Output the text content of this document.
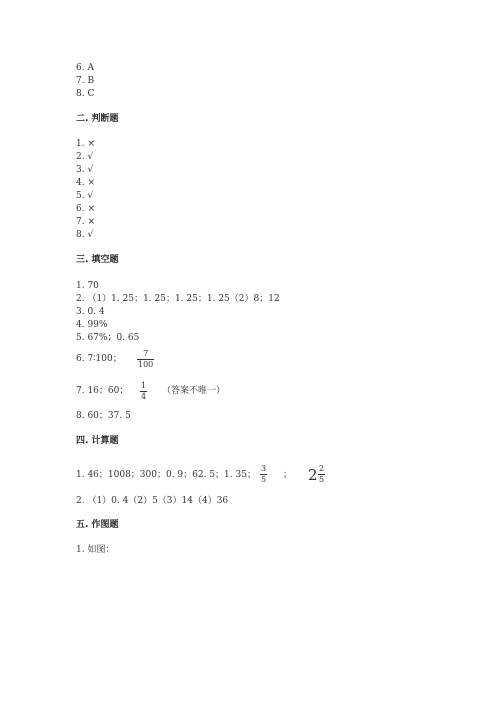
6. A
7. B
8. C
二. 判断题
1. ×
2. √
3. √
4. ×
5. √
6. ×
7. ×
8. √
三. 填空题
1. 70
2. （1）1. 25；1. 25；1. 25；1. 25（2）8；12
3. 0. 4
4. 99%
5. 67%；0. 65
6. 7∶100； $\frac{7}{100}$
7. 16；60； $\frac{1}{4}$ （答案不唯一）
8. 60；37. 5
四. 计算题
1. 46；1008；300；0. 9；62. 5；1. 35； $\frac{3}{5}$ ； $2 \frac{2}{5}$
2. （1）0. 4（2）5（3）14（4）36
五. 作图题
1. 如图：
